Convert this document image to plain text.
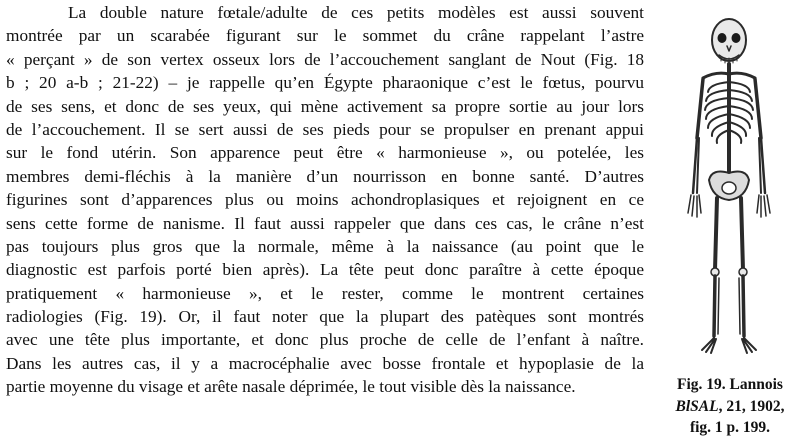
La double nature fœtale/adulte de ces petits modèles est aussi souvent
montrée par un scarabée figurant sur le sommet du crâne rappelant l’astre
« perçant » de son vertex osseux lors de l’accouchement sanglant de Nout (Fig. 18
b ; 20 a-b ; 21-22) – je rappelle qu’en Égypte pharaonique c’est le fœtus, pourvu
de ses sens, et donc de ses yeux, qui mène activement sa propre sortie au jour lors
de l’accouchement. Il se sert aussi de ses pieds pour se propulser en prenant appui
sur le fond utérin. Son apparence peut être « harmonieuse », ou potelée, les
membres demi-fléchis à la manière d’un nourrisson en bonne santé. D’autres
figurines sont d’apparences plus ou moins achondroplasiques et rejoignent en ce
sens cette forme de nanisme. Il faut aussi rappeler que dans ces cas, le crâne n’est
pas toujours plus gros que la normale, même à la naissance (au point que le
diagnostic est parfois porté bien après). La tête peut donc paraître à cette époque
pratiquement « harmonieuse », et le rester, comme le montrent certaines
radiologies (Fig. 19). Or, il faut noter que la plupart des patèques sont montrés
avec une tête plus importante, et donc plus proche de celle de l’enfant à naître.
Dans les autres cas, il y a macrocéphalie avec bosse frontale et hypoplasie de la
partie moyenne du visage et arête nasale déprimée, le tout visible dès la naissance.	Fig. 19. Lannois
BlSAL, 21, 1902,
fig. 1 p. 199.
